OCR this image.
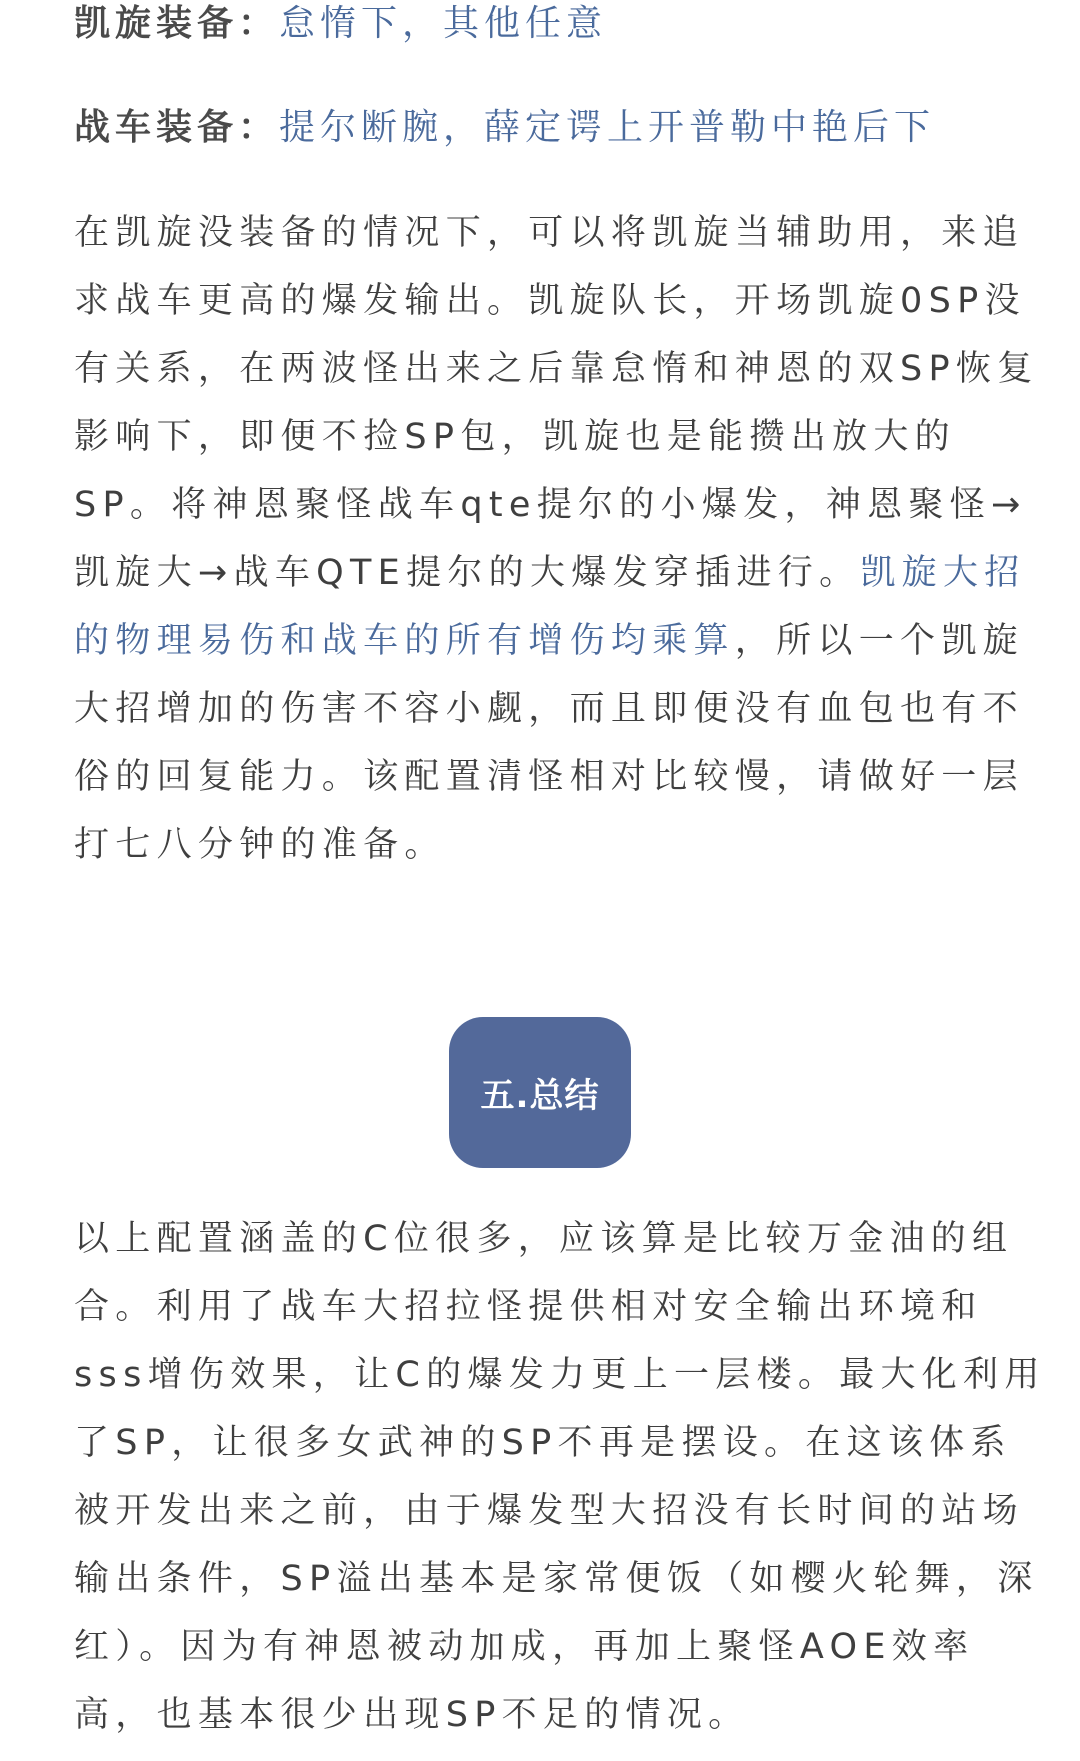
凯旋装备：怠惰下，其他任意
战车装备：提尔断腕，薛定谔上开普勒中艳后下
在凯旋没装备的情况下，可以将凯旋当辅助用，来追
求战车更高的爆发输出。凯旋队长，开场凯旋0SP没
有关系，在两波怪出来之后靠怠惰和神恩的双SP恢复
影响下，即便不捡SP包，凯旋也是能攒出放大的
SP。将神恩聚怪战车qte提尔的小爆发，神恩聚怪→
凯旋大→战车QTE提尔的大爆发穿插进行。凯旋大招
的物理易伤和战车的所有增伤均乘算，所以一个凯旋
大招增加的伤害不容小觑，而且即便没有血包也有不
俗的回复能力。该配置清怪相对比较慢，请做好一层
打七八分钟的准备。
五.总结
以上配置涵盖的C位很多，应该算是比较万金油的组
合。利用了战车大招拉怪提供相对安全输出环境和
sss增伤效果，让C的爆发力更上一层楼。最大化利用
了SP，让很多女武神的SP不再是摆设。在这该体系
被开发出来之前，由于爆发型大招没有长时间的站场
输出条件，SP溢出基本是家常便饭（如樱火轮舞，深
红）。因为有神恩被动加成，再加上聚怪AOE效率
高，也基本很少出现SP不足的情况。
